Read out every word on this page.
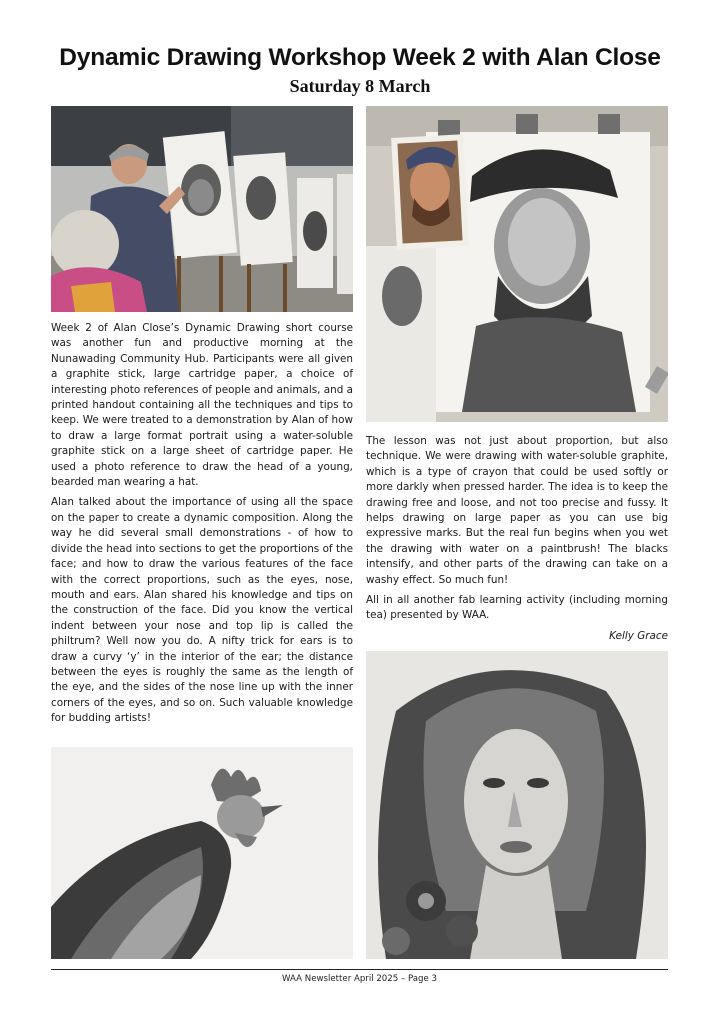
Dynamic Drawing Workshop Week 2 with Alan Close
Saturday 8 March

Week 2 of Alan Close’s Dynamic Drawing short course was another fun and productive morning at the Nunawading Community Hub. Participants were all given a graphite stick, large cartridge paper, a choice of interesting photo references of people and animals, and a printed handout containing all the techniques and tips to keep. We were treated to a demonstration by Alan of how to draw a large format portrait using a water-soluble graphite stick on a large sheet of cartridge paper. He used a photo reference to draw the head of a young, bearded man wearing a hat.

Alan talked about the importance of using all the space on the paper to create a dynamic composition. Along the way he did several small demonstrations - of how to divide the head into sections to get the proportions of the face; and how to draw the various features of the face with the correct proportions, such as the eyes, nose, mouth and ears. Alan shared his knowledge and tips on the construction of the face. Did you know the vertical indent between your nose and top lip is called the philtrum? Well now you do. A nifty trick for ears is to draw a curvy ‘y’ in the interior of the ear; the distance between the eyes is roughly the same as the length of the eye, and the sides of the nose line up with the inner corners of the eyes, and so on. Such valuable knowledge for budding artists!

The lesson was not just about proportion, but also technique. We were drawing with water-soluble graphite, which is a type of crayon that could be used softly or more darkly when pressed harder. The idea is to keep the drawing free and loose, and not too precise and fussy. It helps drawing on large paper as you can use big expressive marks. But the real fun begins when you wet the drawing with water on a paintbrush! The blacks intensify, and other parts of the drawing can take on a washy effect. So much fun!

All in all another fab learning activity (including morning tea) presented by WAA.

Kelly Grace

WAA Newsletter April 2025 – Page 3
